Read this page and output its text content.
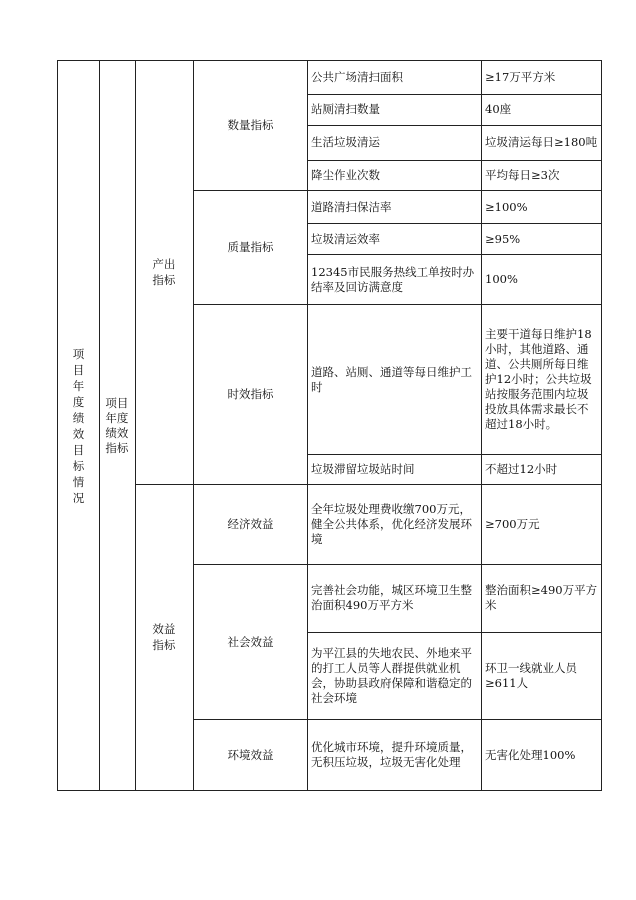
项目年度绩效目标情况	项目年度绩效指标	产出指标	数量指标	公共广场清扫面积	≥17万平方米
				站厕清扫数量	40座
				生活垃圾清运	垃圾清运每日≥180吨
				降尘作业次数	平均每日≥3次
			质量指标	道路清扫保洁率	≥100%
				垃圾清运效率	≥95%
				12345市民服务热线工单按时办结率及回访满意度	100%
			时效指标	道路、站厕、通道等每日维护工时	主要干道每日维护18小时，其他道路、通道、公共厕所每日维护12小时；公共垃圾站按服务范围内垃圾投放具体需求最长不超过18小时。
				垃圾滞留垃圾站时间	不超过12小时
		效益指标	经济效益	全年垃圾处理费收缴700万元，健全公共体系，优化经济发展环境	≥700万元
			社会效益	完善社会功能，城区环境卫生整治面积490万平方米	整治面积≥490万平方米
				为平江县的失地农民、外地来平的打工人员等人群提供就业机会，协助县政府保障和谐稳定的社会环境	环卫一线就业人员≥611人
			环境效益	优化城市环境，提升环境质量，无积压垃圾，垃圾无害化处理	无害化处理100%
